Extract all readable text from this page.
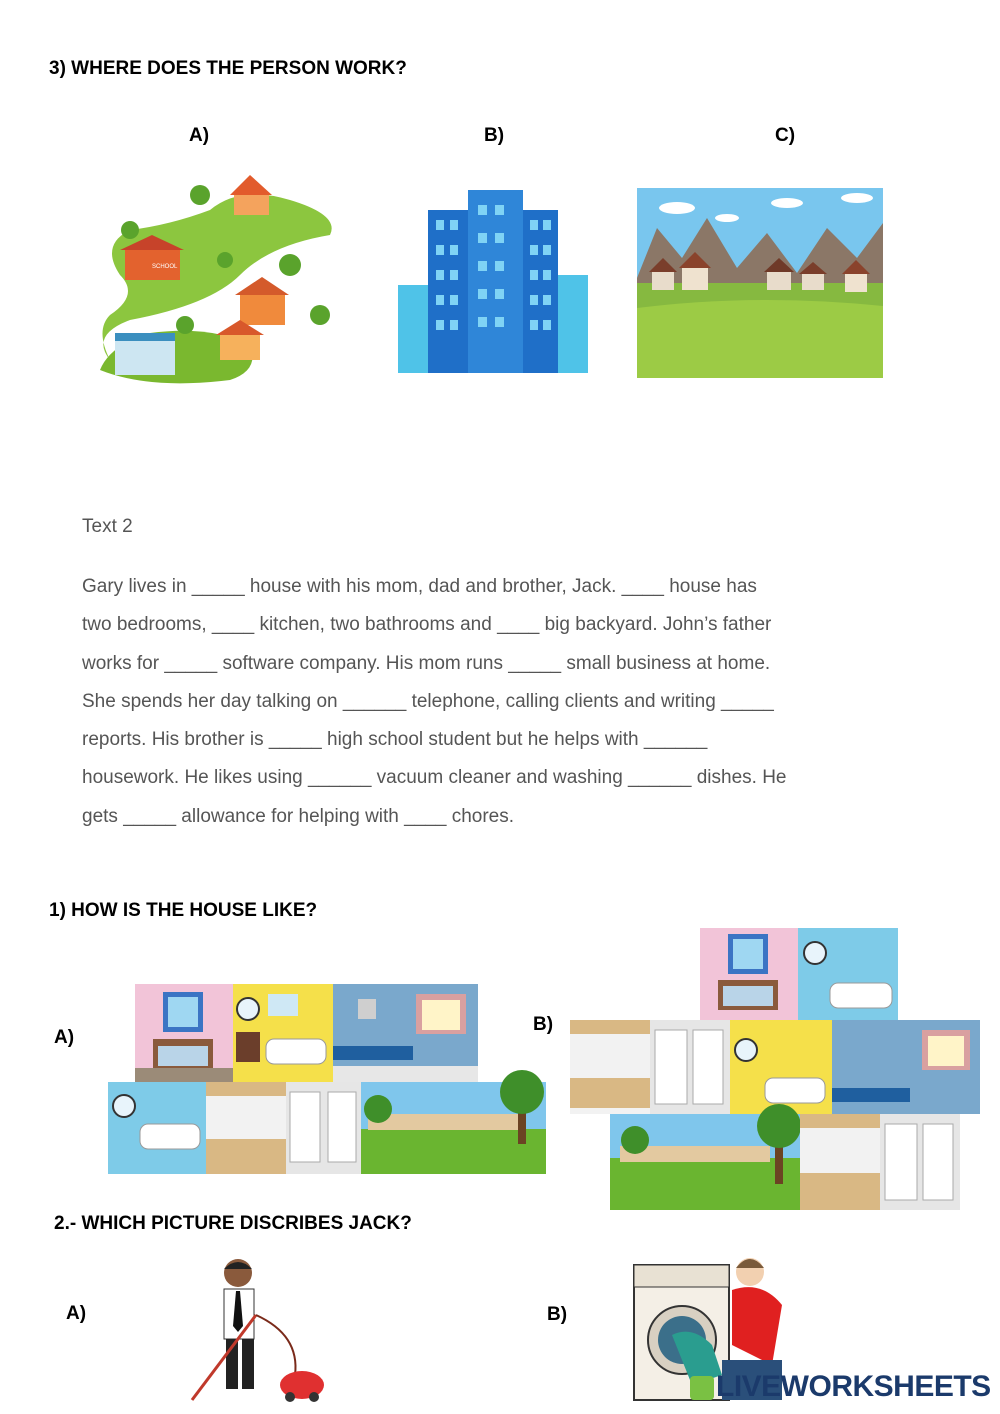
3) WHERE DOES THE PERSON WORK?
A)	B)	C)
SCHOOL
Text 2
Gary lives in _____ house with his mom, dad and brother, Jack. ____ house has
two bedrooms, ____ kitchen, two bathrooms and ____ big backyard. John’s father
works for _____ software company. His mom runs _____ small business at home.
She spends her day talking on ______ telephone, calling clients and writing _____
reports. His brother is _____ high school student but he helps with ______
housework. He likes using ______ vacuum cleaner and washing ______ dishes. He
gets _____ allowance for helping with ____ chores.
1) HOW IS THE HOUSE LIKE?
A)
B)
2.- WHICH PICTURE DISCRIBES JACK?
A)	B)
LIVEWORKSHEETS
